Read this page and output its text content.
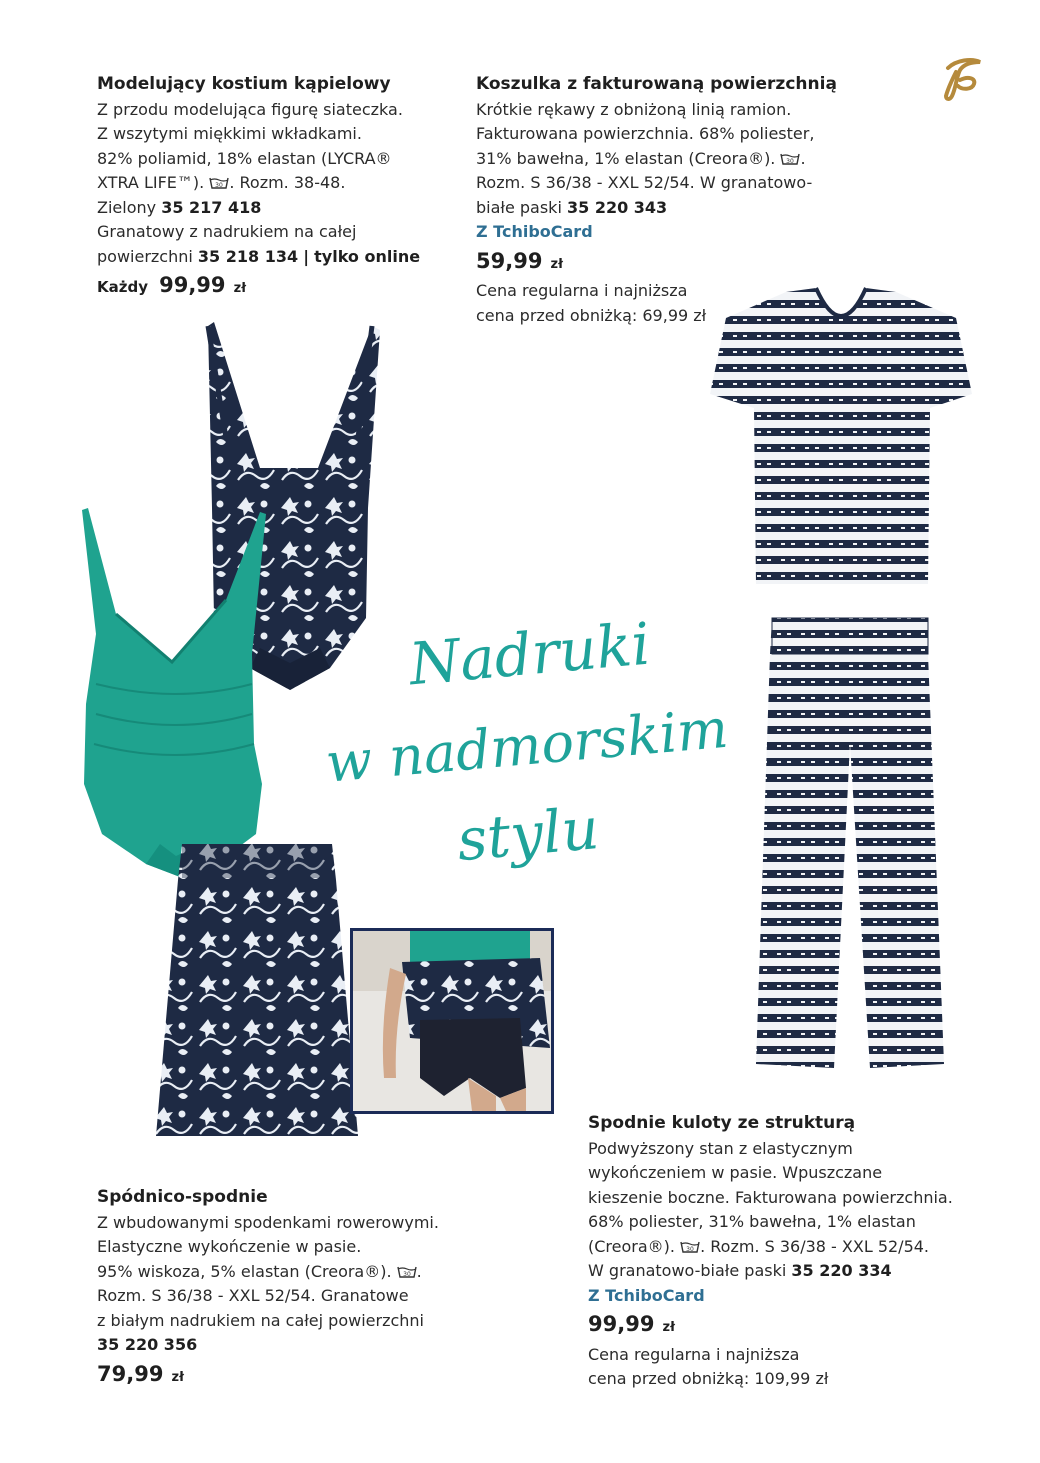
Modelujący kostium kąpielowy
Z przodu modelująca figurę siateczka.
Z wszytymi miękkimi wkładkami.
82% poliamid, 18% elastan (LYCRA®
XTRA LIFE™). 30 . Rozm. 38-48.
Zielony 35 217 418
Granatowy z nadrukiem na całej
powierzchni 35 218 134 | tylko online
Każdy 99,99 zł
Koszulka z fakturowaną powierzchnią
Krótkie rękawy z obniżoną linią ramion.
Fakturowana powierzchnia. 68% poliester,
31% bawełna, 1% elastan (Creora®). 30 .
Rozm. S 36/38 - XXL 52/54. W granatowo-
białe paski 35 220 343
Z TchiboCard
59,99 zł
Cena regularna i najniższa
cena przed obniżką: 69,99 zł
Nadruki
w nadmorskim
stylu
Spódnico-spodnie
Z wbudowanymi spodenkami rowerowymi.
Elastyczne wykończenie w pasie.
95% wiskoza, 5% elastan (Creora®). 30 .
Rozm. S 36/38 - XXL 52/54. Granatowe
z białym nadrukiem na całej powierzchni
35 220 356
79,99 zł
Spodnie kuloty ze strukturą
Podwyższony stan z elastycznym
wykończeniem w pasie. Wpuszczane
kieszenie boczne. Fakturowana powierzchnia.
68% poliester, 31% bawełna, 1% elastan
(Creora®). 30 . Rozm. S 36/38 - XXL 52/54.
W granatowo-białe paski 35 220 334
Z TchiboCard
99,99 zł
Cena regularna i najniższa
cena przed obniżką: 109,99 zł
